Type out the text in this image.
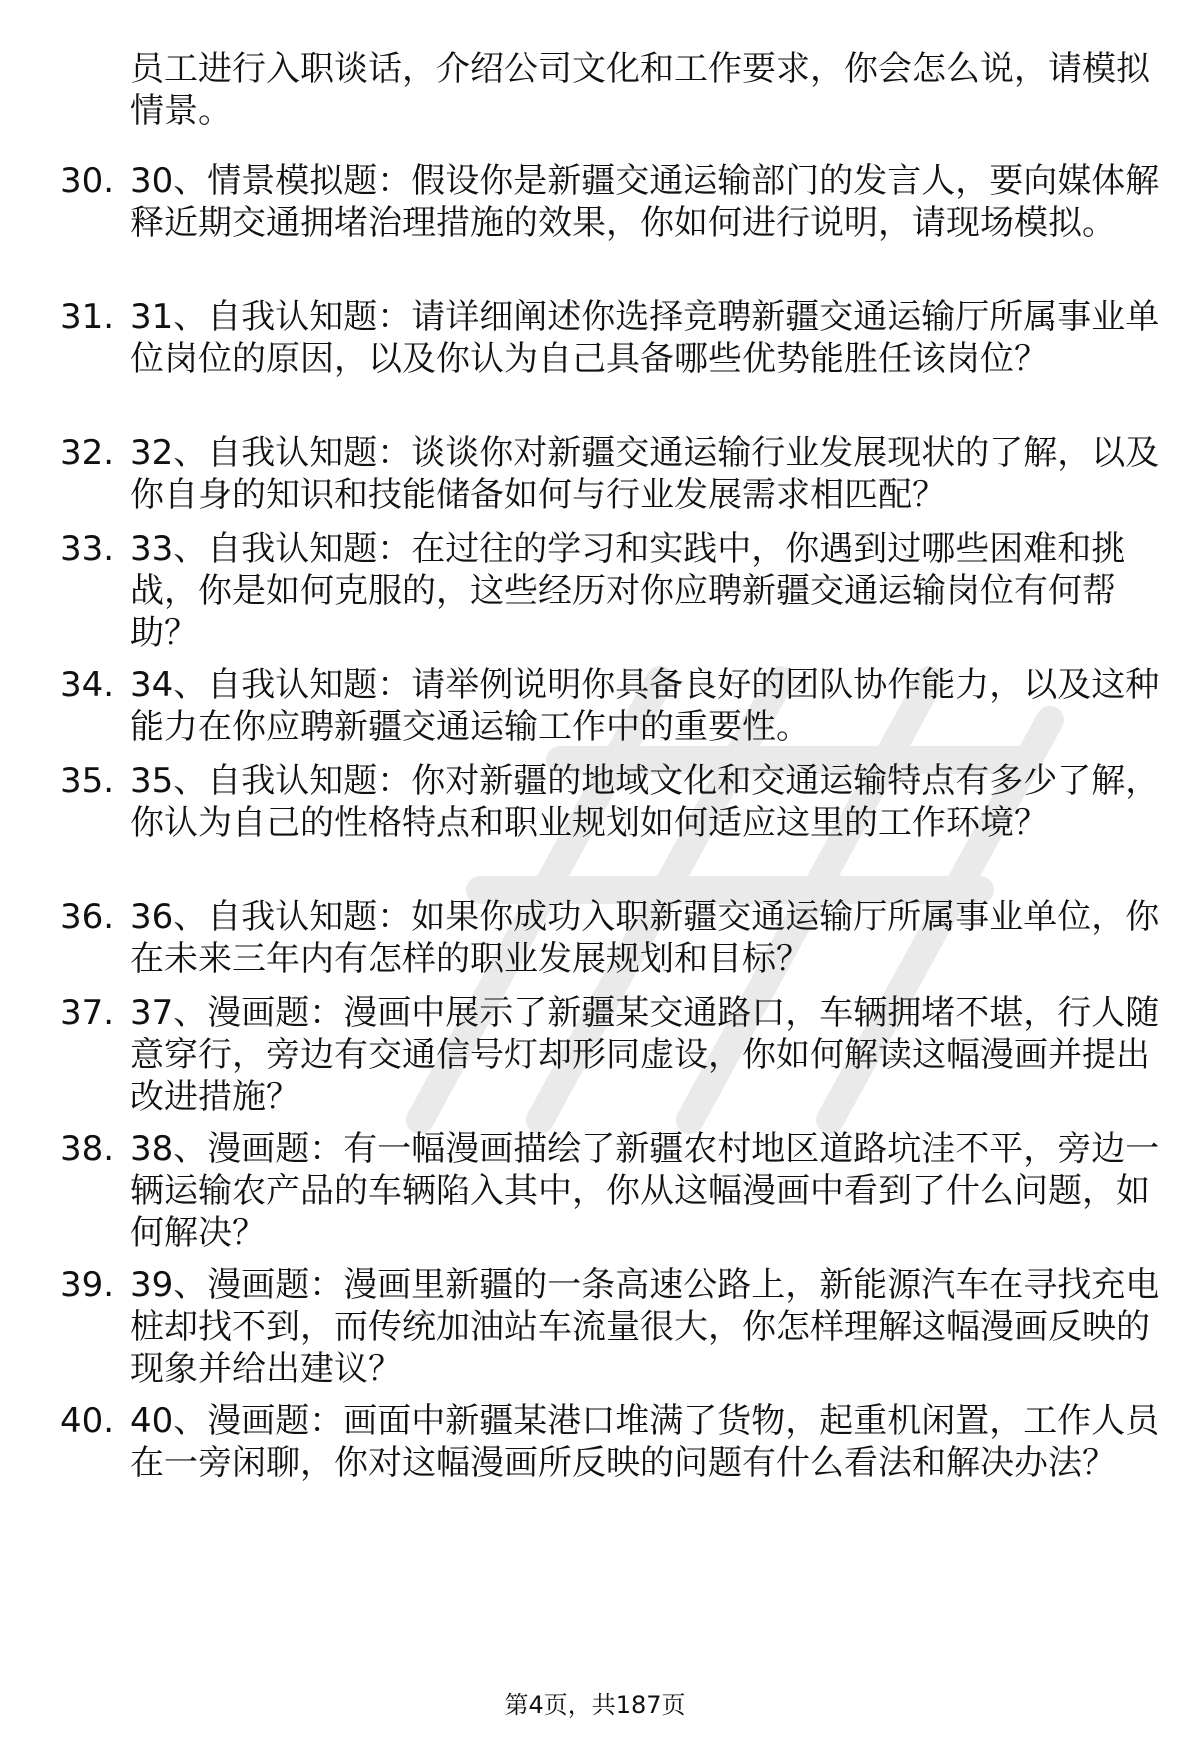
员工进行入职谈话，介绍公司文化和工作要求，你会怎么说，请模拟情景。

30. 30、情景模拟题：假设你是新疆交通运输部门的发言人，要向媒体解释近期交通拥堵治理措施的效果，你如何进行说明，请现场模拟。

31. 31、自我认知题：请详细阐述你选择竞聘新疆交通运输厅所属事业单位岗位的原因，以及你认为自己具备哪些优势能胜任该岗位？

32. 32、自我认知题：谈谈你对新疆交通运输行业发展现状的了解，以及你自身的知识和技能储备如何与行业发展需求相匹配？

33. 33、自我认知题：在过往的学习和实践中，你遇到过哪些困难和挑战，你是如何克服的，这些经历对你应聘新疆交通运输岗位有何帮助？

34. 34、自我认知题：请举例说明你具备良好的团队协作能力，以及这种能力在你应聘新疆交通运输工作中的重要性。

35. 35、自我认知题：你对新疆的地域文化和交通运输特点有多少了解，你认为自己的性格特点和职业规划如何适应这里的工作环境？

36. 36、自我认知题：如果你成功入职新疆交通运输厅所属事业单位，你在未来三年内有怎样的职业发展规划和目标？

37. 37、漫画题：漫画中展示了新疆某交通路口，车辆拥堵不堪，行人随意穿行，旁边有交通信号灯却形同虚设，你如何解读这幅漫画并提出改进措施？

38. 38、漫画题：有一幅漫画描绘了新疆农村地区道路坑洼不平，旁边一辆运输农产品的车辆陷入其中，你从这幅漫画中看到了什么问题，如何解决？

39. 39、漫画题：漫画里新疆的一条高速公路上，新能源汽车在寻找充电桩却找不到，而传统加油站车流量很大，你怎样理解这幅漫画反映的现象并给出建议？

40. 40、漫画题：画面中新疆某港口堆满了货物，起重机闲置，工作人员在一旁闲聊，你对这幅漫画所反映的问题有什么看法和解决办法？

第4页，共187页
